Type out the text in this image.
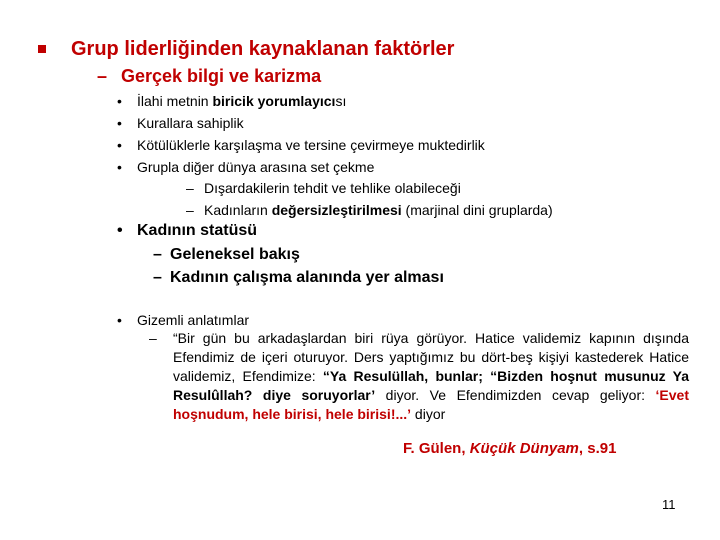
Grup liderliğinden kaynaklanan faktörler
– Gerçek bilgi ve karizma
• İlahi metnin biricik yorumlayıcısı
• Kurallara sahiplik
• Kötülüklerle karşılaşma ve tersine çevirmeye muktedirlik
• Grupla diğer dünya arasına set çekme
– Dışardakilerin tehdit ve tehlike olabileceği
– Kadınların değersizleştirilmesi (marjinal dini gruplarda)
• Kadının statüsü
– Geleneksel bakış
– Kadının çalışma alanında yer alması
• Gizemli anlatımlar
– “Bir gün bu arkadaşlardan biri rüya görüyor. Hatice validemiz kapının dışında Efendimiz de içeri oturuyor. Ders yaptığımız bu dört-beş kişiyi kastederek Hatice validemiz, Efendimize: “Ya Resulüllah, bunlar; “Bizden hoşnut musunuz Ya Resulûllah? diye soruyorlar’ diyor. Ve Efendimizden cevap geliyor: ‘Evet hoşnudum, hele birisi, hele birisi!...’ diyor

F. Gülen, Küçük Dünyam, s.91
11
